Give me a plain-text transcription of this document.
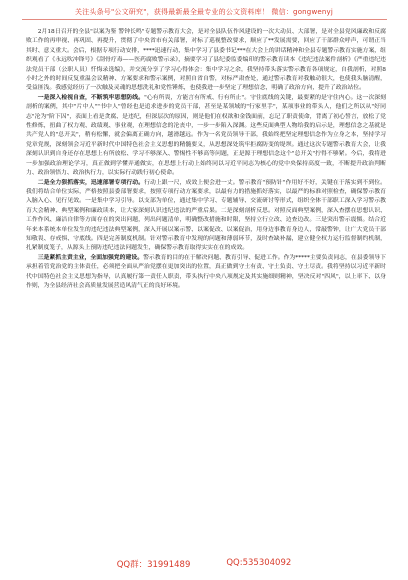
关注头条号"公文研究"，获得最新最全最专业的公文资料库！ 微信：gongwenyj

2月18日召开的全县"以案为鉴 警钟长鸣"专题警示教育大会，是对全县队伍作风建设的一次大动员、大部署，是对全县党风廉政和反腐败工作的再审视、再巩固、再提升，贯彻了中央省市有关部署，对标了巡视整改要求，顺应了**发展需要，回应了干部群众呼声，可谓正当其时、意义重大。会后，根据专项行动安排，****迅速行动，集中学习了县委书记***在大会上的讲话精神和全县专题警示教育实施方案，组织观看了《永远吹冲锋号》《刮骨疗毒——医药腐败警示录》，摘要学习了县纪委监委编印的警示教育读本《违纪违法案件剖析》《严重违纪违法党员干部（公职人员）忏悔录选编》，并交流分享了学习心得体会：集中学习之余，我坚持带头落实警示教育各项规定，自我剖析，对照8小时之外的时间反复重温会议精神、方案要求和警示案例，对照自省自警，对标严肃查处，通过警示教育对我触动很大，也使我头脑清醒，受益匪浅。我感觉经历了一次触及灵魂的思想洗礼和党性锤炼，也使我进一步坚定了理想信念，明确了政治方向，提升了政治站位。

一是深入检视自查，不断筑牢思想防线。"心有所畏，方能言有所戒、行有所止"。守住底线的关键，最要紧的是守住内心。这一次深刻剖析的案例，其中"片中人""书中人"曾经也是追求进步的党员干部，甚至是某领域的"行家里手"，某项事业的带头人，他们之所以从"好同志"沦为"阶下囚"，表面上看是贪腐、是违纪，但深层次的原因，则是他们在权欲和金钱面前，忘记了职责使命，背离了初心誓言，放松了党性修炼，扭曲了权力观、政绩观、事业观，在理想信念的沦丧中，一步一步陷入深渊。这些反面典型人物给我的启示是，理想信念之基就是共产党人的"总开关"，稍有松懈，就会偏离正确方向，越滑越远。作为一名党员领导干部，我始终把坚定理想信念作为立身之本，坚持学习党章党规，深刻领会习近平新时代中国特色社会主义思想的精髓要义，从思想深处筑牢拒腐防变的堤坝。通过这次专题警示教育大会，让我深刻认识到自身还存在思想上有所放松、学习不够深入、警惕性不够高等问题，正是源于理想信念这个"总开关"拧得不够紧。今后，我将进一步加强政治理论学习，真正做到学懂弄通做实，在思想上行动上始终同以习近平同志为核心的党中央保持高度一致，不断提升政治判断力、政治领悟力、政治执行力，以实际行动践行初心使命。

二是全力狠抓落实，迅速部署专项行动。行动上跟一尺，成效上便会进一丈。警示教育"预防针"作用好不好，关键在于落实到不到位。我们将结合单位实际，严格按照县委部署要求，按照专项行动方案要求，以最有力的措施抓好落实，以最严的标准对照检查，确保警示教育入脑入心、见行见效。一是集中学习引导。以支部为单位，通过集中学习、专题辅导、交流研讨等形式，组织全体干部职工深入学习警示教育大会精神、典型案例和廉政读本，让大家深刻认识违纪违法的严重后果。二是深刻剖析反思。对照反面典型案例，深入查摆在思想认识、工作作风、廉洁自律等方面存在的突出问题，列出问题清单，明确整改措施和时限，坚持立行立改、边查边改。三是突出警示震慑。结合近年来本系统本单位发生的违纪违法典型案例，深入开展以案示警、以案促改、以案促治，用身边事教育身边人，常敲警钟，让广大党员干部知敬畏、存戒惧、守底线。四是完善制度机制。针对警示教育中发现的问题和薄弱环节，及时查缺补漏，建立健全权力运行监督制约机制，扎紧制度笼子，从源头上预防违纪违法问题发生，确保警示教育取得实实在在的成效。

三是紧抓主责主业，全面加强党的建设。警示教育的目的在于解决问题、教育引导、促进工作。作为*****主要负责同志，在县委领导下承担着管党治党的主体责任，必须把全面从严治党摆在更加突出的位置，真正做到守土有责、守土负责、守土尽责。我将坚持以习近平新时代中国特色社会主义思想为指导，认真履行第一责任人职责，带头执行中央八项规定及其实施细则精神，坚决反对"四风"，以上率下、以身作则，为全县经济社会高质量发展营造风清气正的良好环境。

QQ群：31991489	QQ:535304092
